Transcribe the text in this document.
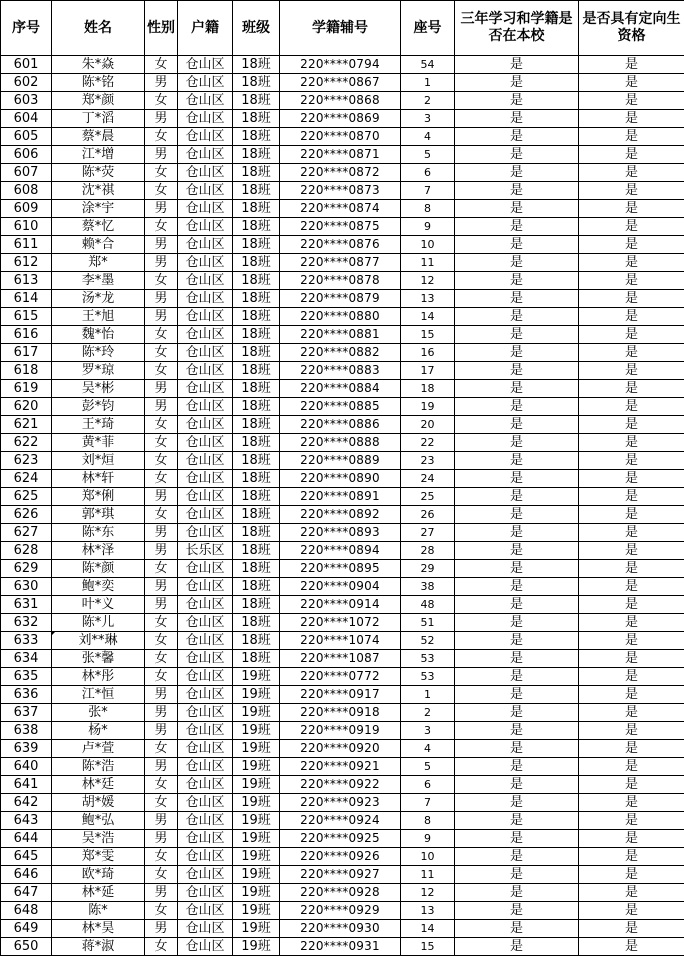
序号	姓名	性别	户籍	班级	学籍辅号	座号	三年学习和学籍是否在本校	是否具有定向生资格
601	朱*焱	女	仓山区	18班	220****0794	54	是	是
602	陈*铭	男	仓山区	18班	220****0867	1	是	是
603	郑*颜	女	仓山区	18班	220****0868	2	是	是
604	丁*滔	男	仓山区	18班	220****0869	3	是	是
605	蔡*晨	女	仓山区	18班	220****0870	4	是	是
606	江*增	男	仓山区	18班	220****0871	5	是	是
607	陈*荧	女	仓山区	18班	220****0872	6	是	是
608	沈*祺	女	仓山区	18班	220****0873	7	是	是
609	涂*宇	男	仓山区	18班	220****0874	8	是	是
610	蔡*忆	女	仓山区	18班	220****0875	9	是	是
611	赖*合	男	仓山区	18班	220****0876	10	是	是
612	郑*	男	仓山区	18班	220****0877	11	是	是
613	李*墨	女	仓山区	18班	220****0878	12	是	是
614	汤*龙	男	仓山区	18班	220****0879	13	是	是
615	王*旭	男	仓山区	18班	220****0880	14	是	是
616	魏*怡	女	仓山区	18班	220****0881	15	是	是
617	陈*玲	女	仓山区	18班	220****0882	16	是	是
618	罗*琼	女	仓山区	18班	220****0883	17	是	是
619	吴*彬	男	仓山区	18班	220****0884	18	是	是
620	彭*钧	男	仓山区	18班	220****0885	19	是	是
621	王*琦	女	仓山区	18班	220****0886	20	是	是
622	黄*菲	女	仓山区	18班	220****0888	22	是	是
623	刘*烜	女	仓山区	18班	220****0889	23	是	是
624	林*轩	女	仓山区	18班	220****0890	24	是	是
625	郑*俐	男	仓山区	18班	220****0891	25	是	是
626	郭*琪	女	仓山区	18班	220****0892	26	是	是
627	陈*东	男	仓山区	18班	220****0893	27	是	是
628	林*泽	男	长乐区	18班	220****0894	28	是	是
629	陈*颜	女	仓山区	18班	220****0895	29	是	是
630	鲍*奕	男	仓山区	18班	220****0904	38	是	是
631	叶*义	男	仓山区	18班	220****0914	48	是	是
632	陈*儿	女	仓山区	18班	220****1072	51	是	是
633	刘**琳	女	仓山区	18班	220****1074	52	是	是
634	张*馨	女	仓山区	18班	220****1087	53	是	是
635	林*彤	女	仓山区	19班	220****0772	53	是	是
636	江*恒	男	仓山区	19班	220****0917	1	是	是
637	张*	男	仓山区	19班	220****0918	2	是	是
638	杨*	男	仓山区	19班	220****0919	3	是	是
639	卢*萱	女	仓山区	19班	220****0920	4	是	是
640	陈*浩	男	仓山区	19班	220****0921	5	是	是
641	林*廷	女	仓山区	19班	220****0922	6	是	是
642	胡*媛	女	仓山区	19班	220****0923	7	是	是
643	鲍*弘	男	仓山区	19班	220****0924	8	是	是
644	吴*浩	男	仓山区	19班	220****0925	9	是	是
645	郑*雯	女	仓山区	19班	220****0926	10	是	是
646	欧*琦	女	仓山区	19班	220****0927	11	是	是
647	林*延	男	仓山区	19班	220****0928	12	是	是
648	陈*	女	仓山区	19班	220****0929	13	是	是
649	林*昊	男	仓山区	19班	220****0930	14	是	是
650	蒋*淑	女	仓山区	19班	220****0931	15	是	是
